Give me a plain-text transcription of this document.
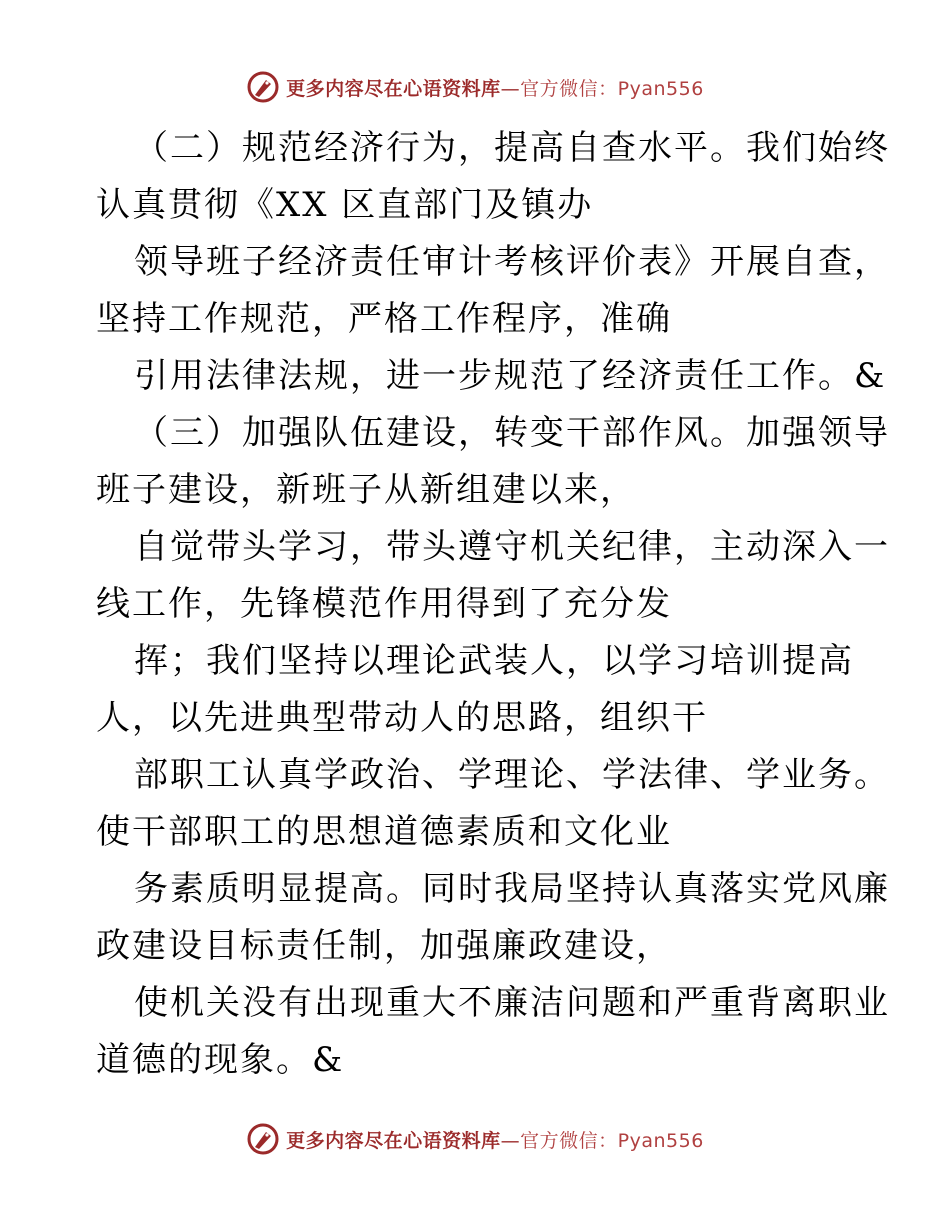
更多内容尽在心语资料库—官方微信：Pyan556
（二）规范经济行为，提高自查水平。我们始终
认真贯彻《XX 区直部门及镇办
领导班子经济责任审计考核评价表》开展自查，
坚持工作规范，严格工作程序，准确
引用法律法规，进一步规范了经济责任工作。&
（三）加强队伍建设，转变干部作风。加强领导
班子建设，新班子从新组建以来，
自觉带头学习，带头遵守机关纪律，主动深入一
线工作，先锋模范作用得到了充分发
挥；我们坚持以理论武装人，以学习培训提高
人，以先进典型带动人的思路，组织干
部职工认真学政治、学理论、学法律、学业务。
使干部职工的思想道德素质和文化业
务素质明显提高。同时我局坚持认真落实党风廉
政建设目标责任制，加强廉政建设，
使机关没有出现重大不廉洁问题和严重背离职业
道德的现象。&
更多内容尽在心语资料库—官方微信：Pyan556
